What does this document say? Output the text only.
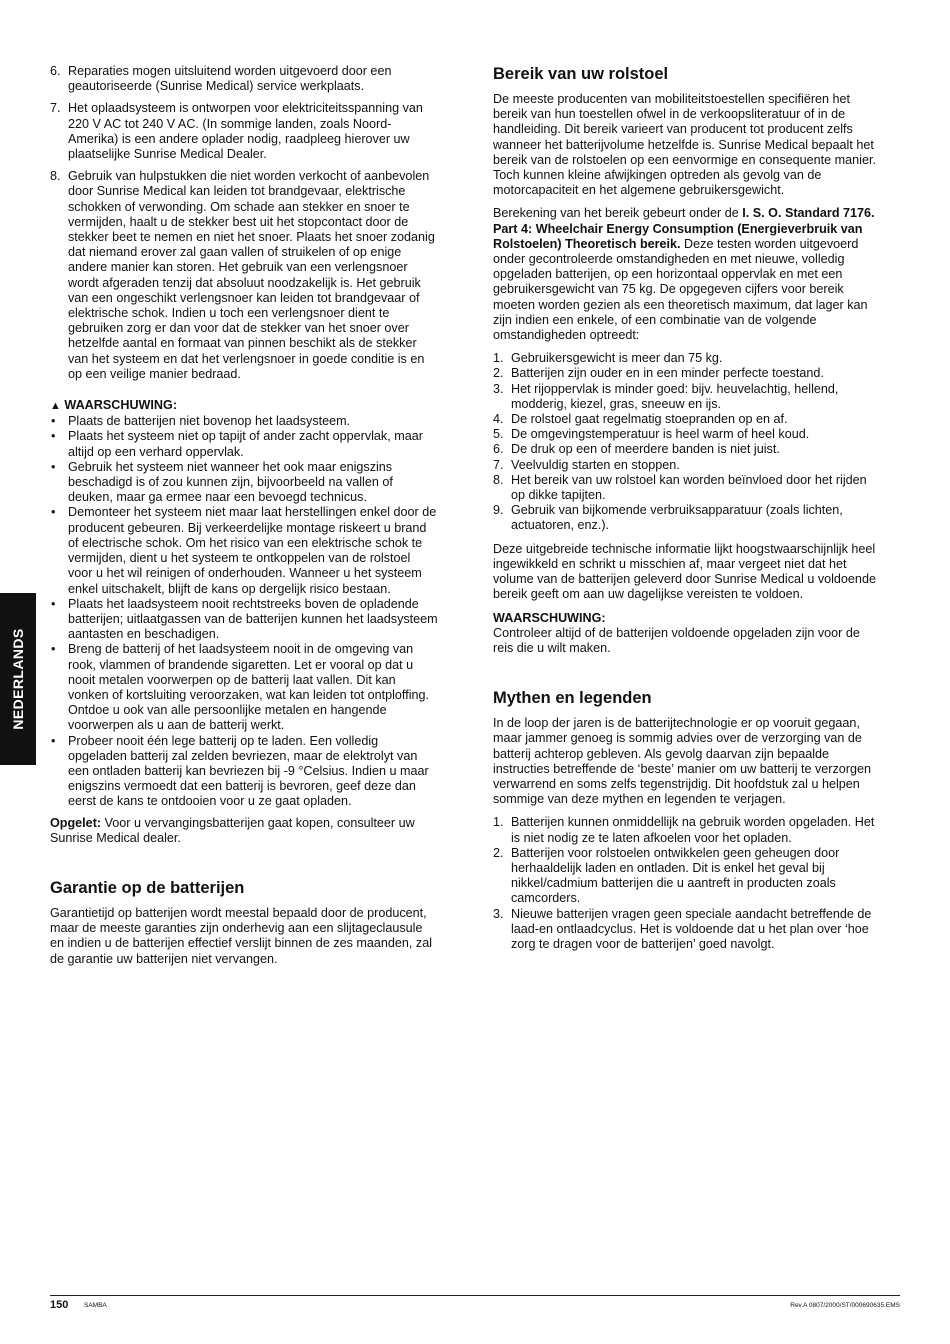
NEDERLANDS
6. Reparaties mogen uitsluitend worden uitgevoerd door een geautoriseerde (Sunrise Medical) service werkplaats.
7. Het oplaadsysteem is ontworpen voor elektriciteitsspanning van 220 V AC tot 240 V AC. (In sommige landen, zoals Noord-Amerika) is een andere oplader nodig, raadpleeg hierover uw plaatselijke Sunrise Medical Dealer.
8. Gebruik van hulpstukken die niet worden verkocht of aanbevolen door Sunrise Medical kan leiden tot brandgevaar, elektrische schokken of verwonding. Om schade aan stekker en snoer te vermijden, haalt u de stekker best uit het stopcontact door de stekker beet te nemen en niet het snoer. Plaats het snoer zodanig dat niemand erover zal gaan vallen of struikelen of op enige andere manier kan storen. Het gebruik van een verlengsnoer wordt afgeraden tenzij dat absoluut noodzakelijk is. Het gebruik van een ongeschikt verlengsnoer kan leiden tot brandgevaar of elektrische schok. Indien u toch een verlengsnoer dient te gebruiken zorg er dan voor dat de stekker van het snoer over hetzelfde aantal en formaat van pinnen beschikt als de stekker van het systeem en dat het verlengsnoer in goede conditie is en op een veilige manier bedraad.

▲ WAARSCHUWING:

• Plaats de batterijen niet bovenop het laadsysteem.
• Plaats het systeem niet op tapijt of ander zacht oppervlak, maar altijd op een verhard oppervlak.
• Gebruik het systeem niet wanneer het ook maar enigszins beschadigd is of zou kunnen zijn, bijvoorbeeld na vallen of deuken, maar ga ermee naar een bevoegd technicus.
• Demonteer het systeem niet maar laat herstellingen enkel door de producent gebeuren. Bij verkeerdelijke montage riskeert u brand of electrische schok. Om het risico van een elektrische schok te vermijden, dient u het systeem te ontkoppelen van de rolstoel voor u het wil reinigen of onderhouden. Wanneer u het systeem enkel uitschakelt, blijft de kans op dergelijk risico bestaan.
• Plaats het laadsysteem nooit rechtstreeks boven de opladende batterijen; uitlaatgassen van de batterijen kunnen het laadsysteem aantasten en beschadigen.
• Breng de batterij of het laadsysteem nooit in de omgeving van rook, vlammen of brandende sigaretten. Let er vooral op dat u nooit metalen voorwerpen op de batterij laat vallen. Dit kan vonken of kortsluiting veroorzaken, wat kan leiden tot ontploffing. Ontdoe u ook van alle persoonlijke metalen en hangende voorwerpen als u aan de batterij werkt.
• Probeer nooit één lege batterij op te laden. Een volledig opgeladen batterij zal zelden bevriezen, maar de elektrolyt van een ontladen batterij kan bevriezen bij -9 °Celsius. Indien u maar enigszins vermoedt dat een batterij is bevroren, geef deze dan eerst de kans te ontdooien voor u ze gaat opladen.

Opgelet: Voor u vervangingsbatterijen gaat kopen, consulteer uw Sunrise Medical dealer.

Garantie op de batterijen

Garantietijd op batterijen wordt meestal bepaald door de producent, maar de meeste garanties zijn onderhevig aan een slijtageclausule en indien u de batterijen effectief verslijt binnen de zes maanden, zal de garantie uw batterijen niet vervangen.

Bereik van uw rolstoel

De meeste producenten van mobiliteitstoestellen specifiëren het bereik van hun toestellen ofwel in de verkoopsliteratuur of in de handleiding. Dit bereik varieert van producent tot producent zelfs wanneer het batterijvolume hetzelfde is. Sunrise Medical bepaalt het bereik van de rolstoelen op een eenvormige en consequente manier. Toch kunnen kleine afwijkingen optreden als gevolg van de motorcapaciteit en het algemene gebruikersgewicht.

Berekening van het bereik gebeurt onder de I. S. O. Standard 7176. Part 4: Wheelchair Energy Consumption (Energieverbruik van Rolstoelen) Theoretisch bereik. Deze testen worden uitgevoerd onder gecontroleerde omstandigheden en met nieuwe, volledig opgeladen batterijen, op een horizontaal oppervlak en met een gebruikersgewicht van 75 kg. De opgegeven cijfers voor bereik moeten worden gezien als een theoretisch maximum, dat lager kan zijn indien een enkele, of een combinatie van de volgende omstandigheden optreedt:

1. Gebruikersgewicht is meer dan 75 kg.
2. Batterijen zijn ouder en in een minder perfecte toestand.
3. Het rijoppervlak is minder goed: bijv. heuvelachtig, hellend, modderig, kiezel, gras, sneeuw en ijs.
4. De rolstoel gaat regelmatig stoepranden op en af.
5. De omgevingstemperatuur is heel warm of heel koud.
6. De druk op een of meerdere banden is niet juist.
7. Veelvuldig starten en stoppen.
8. Het bereik van uw rolstoel kan worden beïnvloed door het rijden op dikke tapijten.
9. Gebruik van bijkomende verbruiksapparatuur (zoals lichten, actuatoren, enz.).

Deze uitgebreide technische informatie lijkt hoogstwaarschijnlijk heel ingewikkeld en schrikt u misschien af, maar vergeet niet dat het volume van de batterijen geleverd door Sunrise Medical u voldoende bereik geeft om aan uw dagelijkse vereisten te voldoen.

WAARSCHUWING:

Controleer altijd of de batterijen voldoende opgeladen zijn voor de reis die u wilt maken.

Mythen en legenden

In de loop der jaren is de batterijtechnologie er op vooruit gegaan, maar jammer genoeg is sommig advies over de verzorging van de batterij achterop gebleven. Als gevolg daarvan zijn bepaalde instructies betreffende de ‘beste’ manier om uw batterij te verzorgen verwarrend en soms zelfs tegenstrijdig. Dit hoofdstuk zal u helpen sommige van deze mythen en legenden te verjagen.

1. Batterijen kunnen onmiddellijk na gebruik worden opgeladen. Het is niet nodig ze te laten afkoelen voor het opladen.
2. Batterijen voor rolstoelen ontwikkelen geen geheugen door herhaaldelijk laden en ontladen. Dit is enkel het geval bij nikkel/cadmium batterijen die u aantreft in producten zoals camcorders.
3. Nieuwe batterijen vragen geen speciale aandacht betreffende de laad-en ontlaadcyclus. Het is voldoende dat u het plan over ‘hoe zorg te dragen voor de batterijen’ goed navolgt.
150 SAMBA	Rev.A 0807/2000/ST/000690635.EMS
